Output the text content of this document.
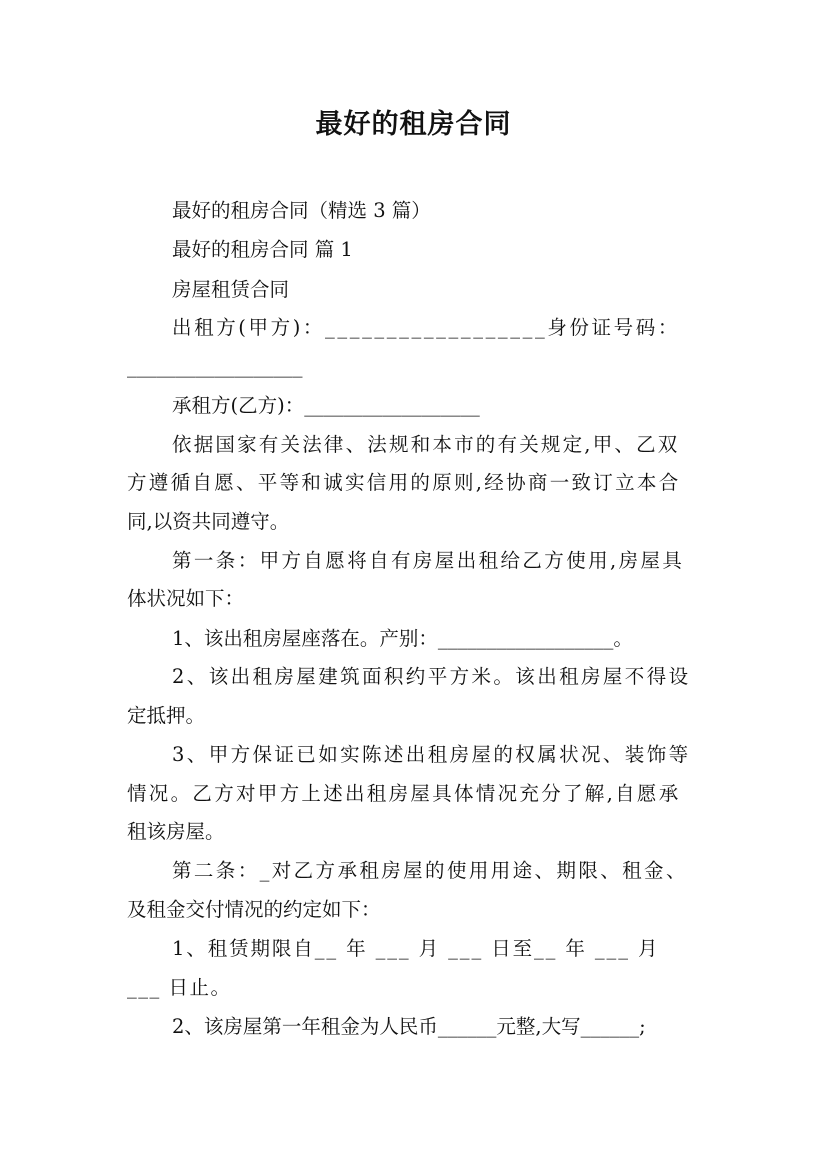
最好的租房合同
最好的租房合同（精选 3 篇）
最好的租房合同 篇 1
房屋租赁合同
出租方(甲方)：__________________身份证号码：
__________________
承租方(乙方)：__________________
依据国家有关法律、法规和本市的有关规定,甲、乙双
方遵循自愿、平等和诚实信用的原则,经协商一致订立本合
同,以资共同遵守。
第一条：甲方自愿将自有房屋出租给乙方使用,房屋具
体状况如下：
1、该出租房屋座落在。产别：__________________。
2、该出租房屋建筑面积约平方米。该出租房屋不得设
定抵押。
3、甲方保证已如实陈述出租房屋的权属状况、装饰等
情况。乙方对甲方上述出租房屋具体情况充分了解,自愿承
租该房屋。
第二条：_对乙方承租房屋的使用用途、期限、租金、
及租金交付情况的约定如下：
1、租赁期限自__ 年 ___ 月 ___ 日至__ 年 ___ 月
___ 日止。
2、该房屋第一年租金为人民币______元整,大写______;
